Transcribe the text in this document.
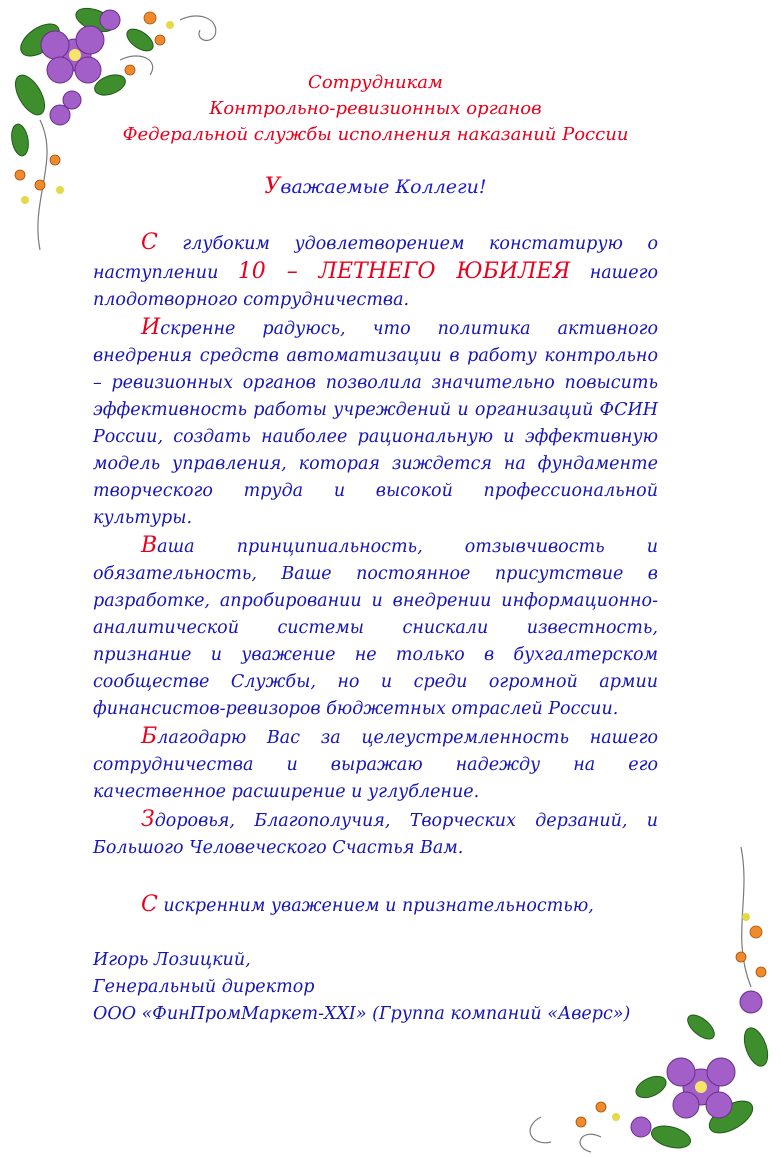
Сотрудникам
Контрольно-ревизионных органов
Федеральной службы исполнения наказаний России
Уважаемые Коллеги!

С глубоким удовлетворением констатирую о наступлении 10 – ЛЕТНЕГО ЮБИЛЕЯ нашего плодотворного сотрудничества.

Искренне радуюсь, что политика активного внедрения средств автоматизации в работу контрольно – ревизионных органов позволила значительно повысить эффективность работы учреждений и организаций ФСИН России, создать наиболее рациональную и эффективную модель управления, которая зиждется на фундаменте творческого труда и высокой профессиональной культуры.

Ваша принципиальность, отзывчивость и обязательность, Ваше постоянное присутствие в разработке, апробировании и внедрении информационно-аналитической системы снискали известность, признание и уважение не только в бухгалтерском сообществе Службы, но и среди огромной армии финансистов-ревизоров бюджетных отраслей России.

Благодарю Вас за целеустремленность нашего сотрудничества и выражаю надежду на его качественное расширение и углубление.

Здоровья, Благополучия, Творческих дерзаний, и Большого Человеческого Счастья Вам.

С искренним уважением и признательностью,
Игорь Лозицкий,
Генеральный директор
ООО «ФинПромМаркет-XXI» (Группа компаний «Аверс»)
